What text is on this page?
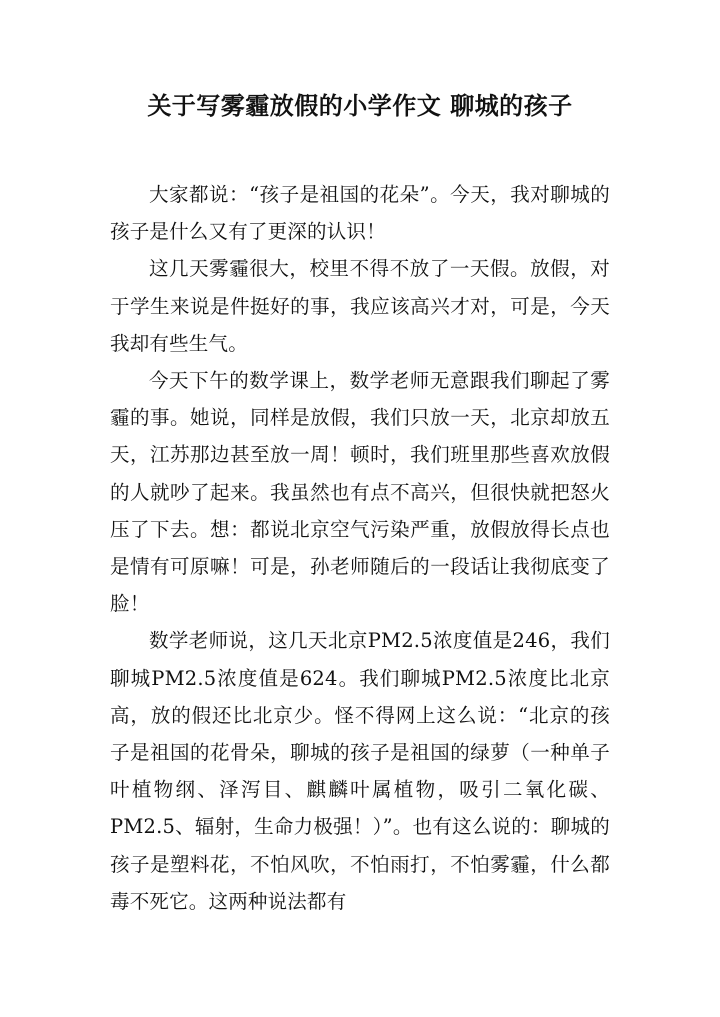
关于写雾霾放假的小学作文 聊城的孩子

大家都说：“孩子是祖国的花朵”。今天，我对聊城的孩子是什么又有了更深的认识！

这几天雾霾很大，校里不得不放了一天假。放假，对于学生来说是件挺好的事，我应该高兴才对，可是，今天我却有些生气。

今天下午的数学课上，数学老师无意跟我们聊起了雾霾的事。她说，同样是放假，我们只放一天，北京却放五天，江苏那边甚至放一周！顿时，我们班里那些喜欢放假的人就吵了起来。我虽然也有点不高兴，但很快就把怒火压了下去。想：都说北京空气污染严重，放假放得长点也是情有可原嘛！可是，孙老师随后的一段话让我彻底变了脸！

数学老师说，这几天北京PM2.5浓度值是246，我们聊城PM2.5浓度值是624。我们聊城PM2.5浓度比北京高，放的假还比北京少。怪不得网上这么说：“北京的孩子是祖国的花骨朵，聊城的孩子是祖国的绿萝（一种单子叶植物纲、泽泻目、麒麟叶属植物，吸引二氧化碳、PM2.5、辐射，生命力极强！）”。也有这么说的：聊城的孩子是塑料花，不怕风吹，不怕雨打，不怕雾霾，什么都毒不死它。这两种说法都有
